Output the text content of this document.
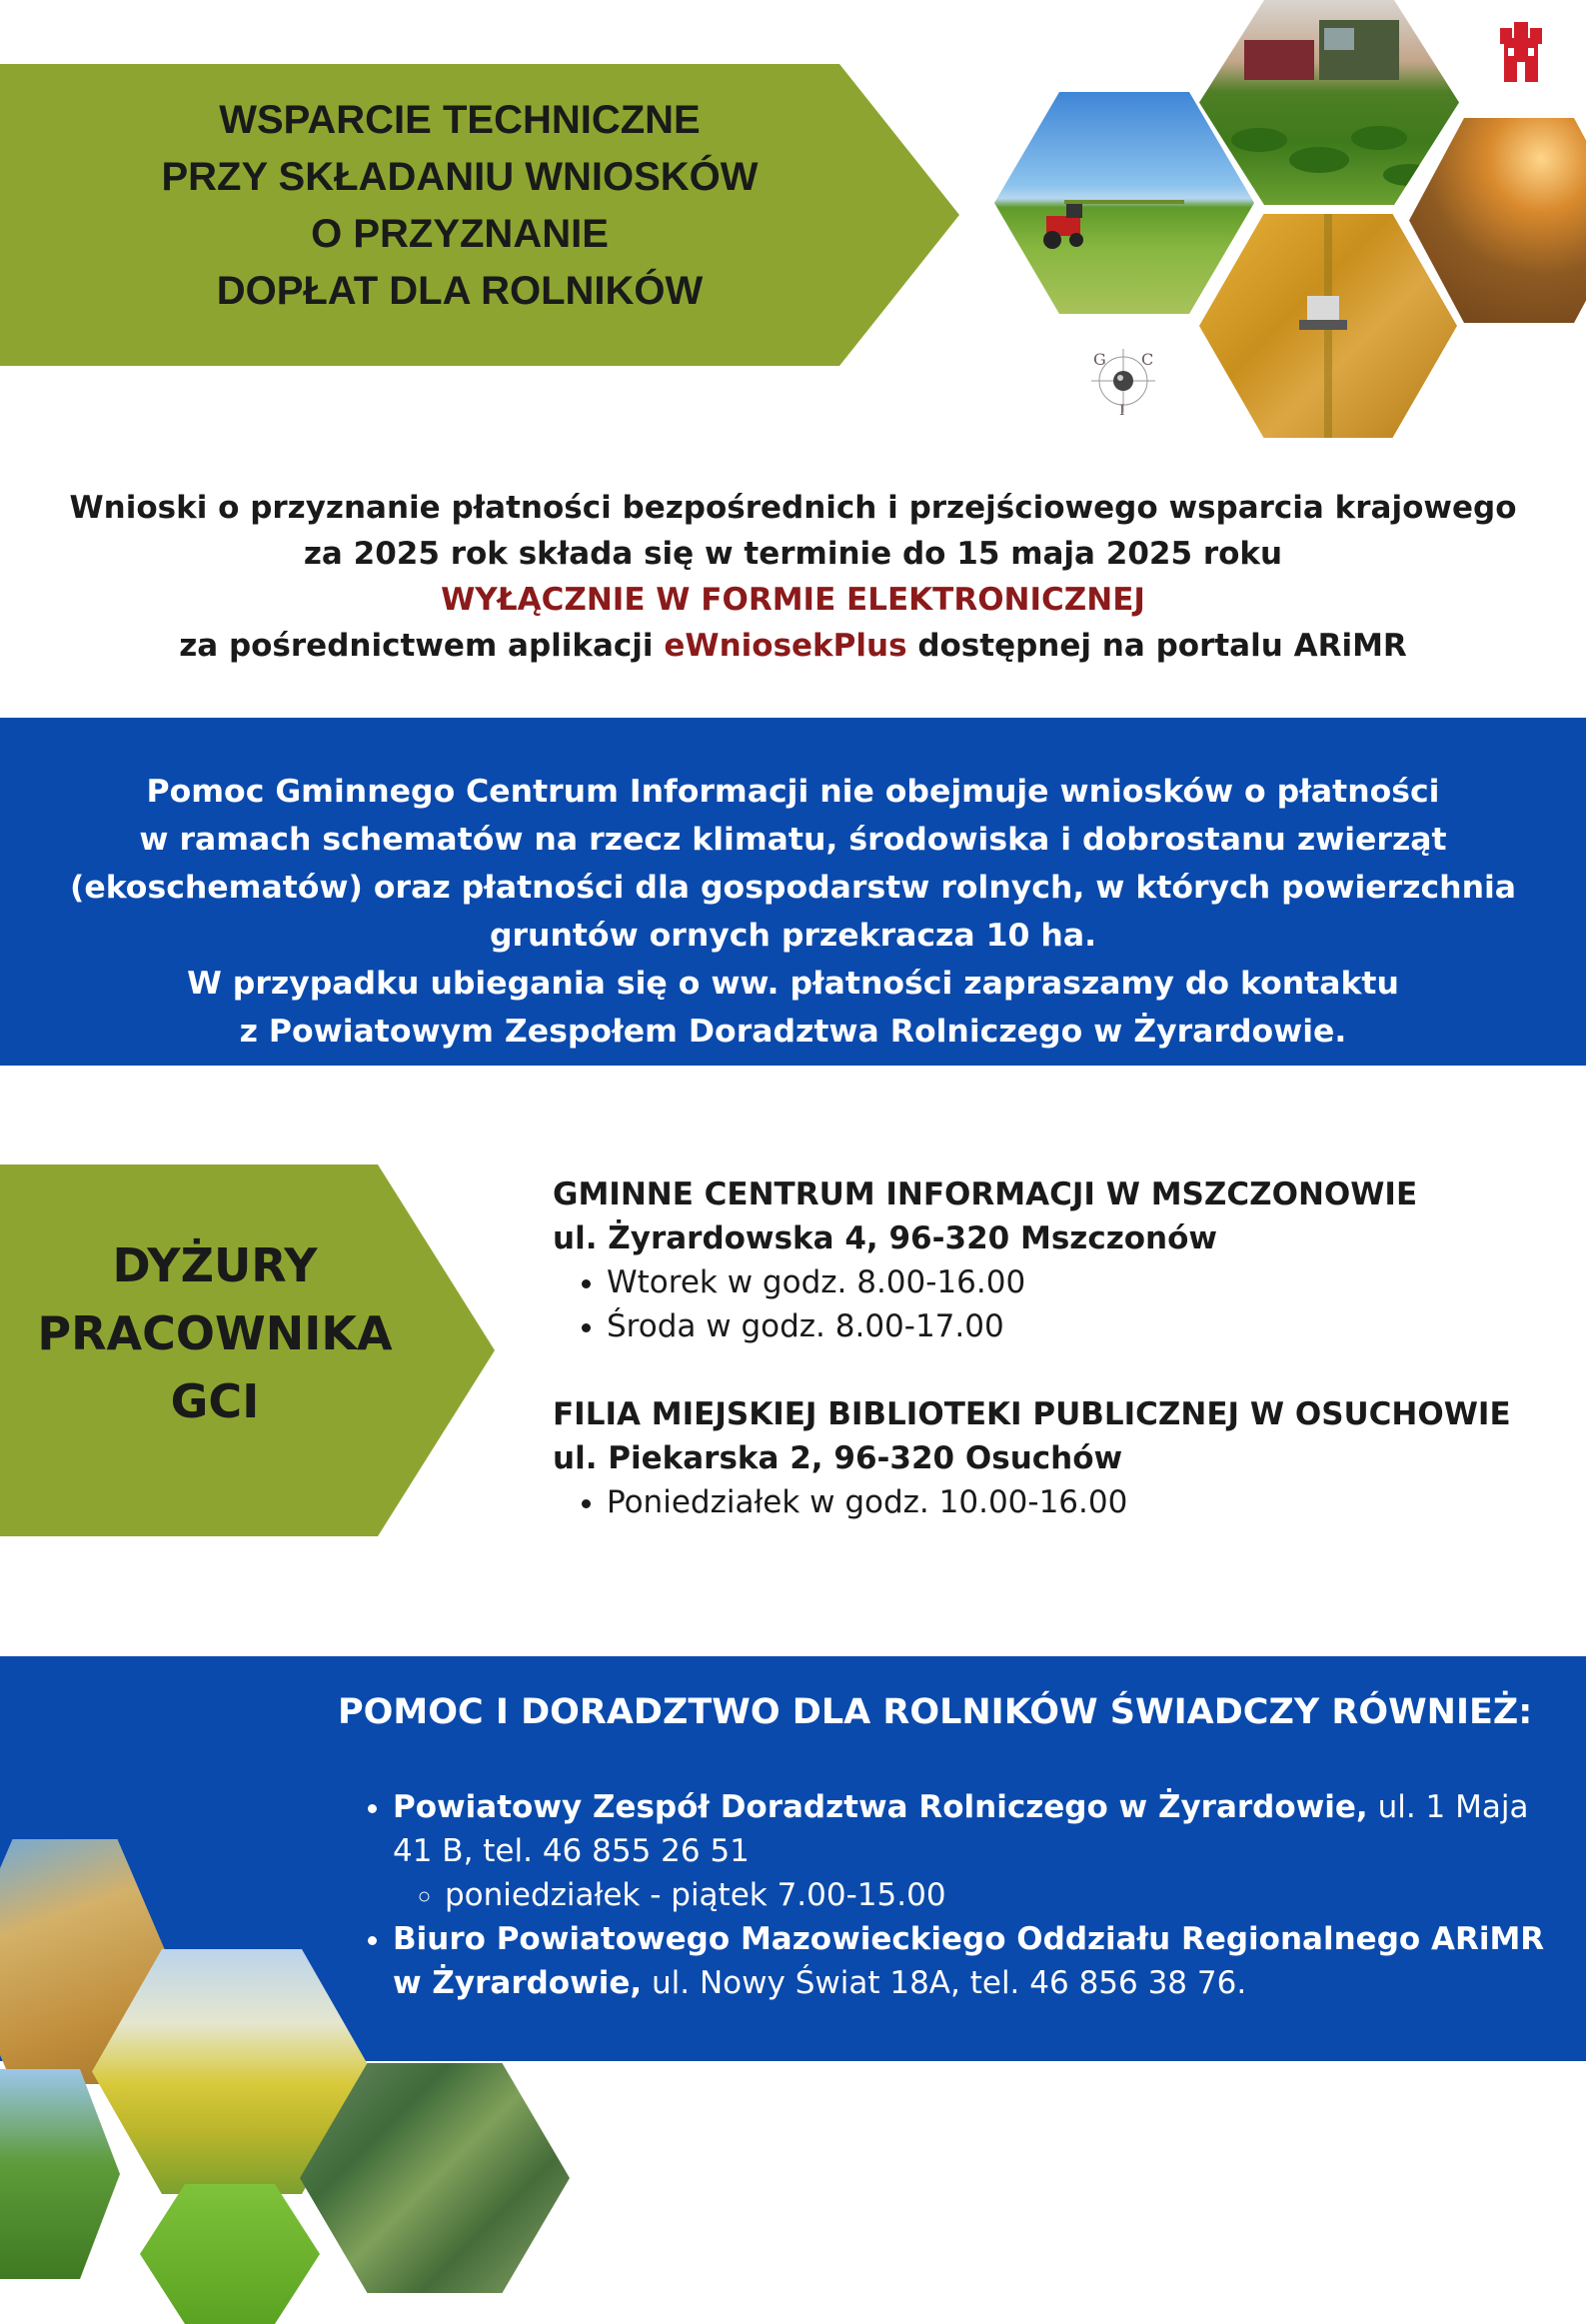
WSPARCIE TECHNICZNE
PRZY SKŁADANIU WNIOSKÓW
O PRZYZNANIE
DOPŁAT DLA ROLNIKÓW
G C
I
Wnioski o przyznanie płatności bezpośrednich i przejściowego wsparcia krajowego
za 2025 rok składa się w terminie do 15 maja 2025 roku
WYŁĄCZNIE W FORMIE ELEKTRONICZNEJ
za pośrednictwem aplikacji eWniosekPlus dostępnej na portalu ARiMR
Pomoc Gminnego Centrum Informacji nie obejmuje wniosków o płatności
w ramach schematów na rzecz klimatu, środowiska i dobrostanu zwierząt
(ekoschematów) oraz płatności dla gospodarstw rolnych, w których powierzchnia
gruntów ornych przekracza 10 ha.
W przypadku ubiegania się o ww. płatności zapraszamy do kontaktu
z Powiatowym Zespołem Doradztwa Rolniczego w Żyrardowie.
DYŻURY
PRACOWNIKA
GCI
GMINNE CENTRUM INFORMACJI W MSZCZONOWIE
ul. Żyrardowska 4, 96-320 Mszczonów
• Wtorek w godz. 8.00-16.00
• Środa w godz. 8.00-17.00
FILIA MIEJSKIEJ BIBLIOTEKI PUBLICZNEJ W OSUCHOWIE
ul. Piekarska 2, 96-320 Osuchów
• Poniedziałek w godz. 10.00-16.00
POMOC I DORADZTWO DLA ROLNIKÓW ŚWIADCZY RÓWNIEŻ:
• Powiatowy Zespół Doradztwa Rolniczego w Żyrardowie, ul. 1 Maja 41 B, tel. 46 855 26 51
◦ poniedziałek - piątek 7.00-15.00
• Biuro Powiatowego Mazowieckiego Oddziału Regionalnego ARiMR w Żyrardowie, ul. Nowy Świat 18A, tel. 46 856 38 76.
